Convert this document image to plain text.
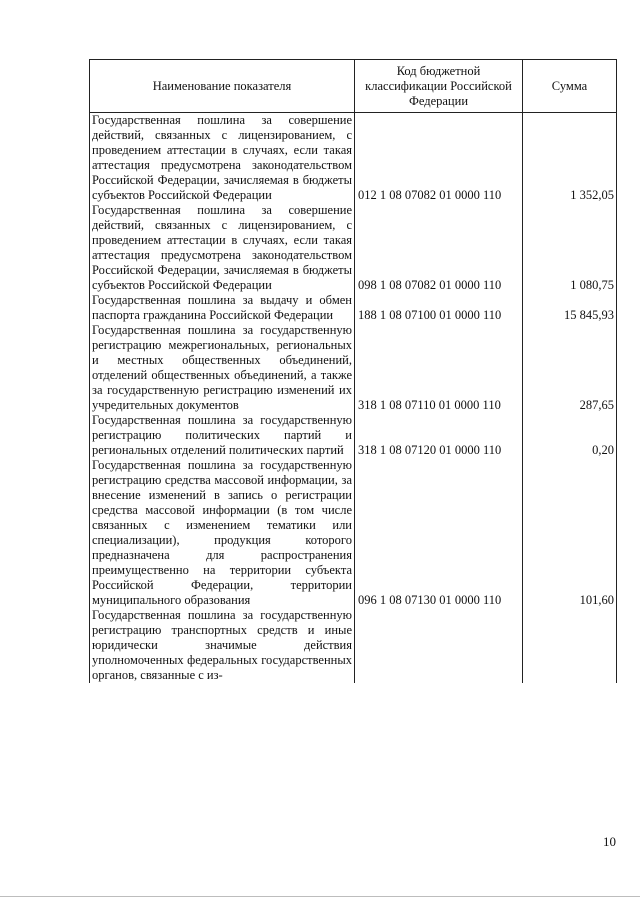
Наименование показателя	Код бюджетной классификации Российской Федерации	Сумма
Государственная пошлина за совершение действий, связанных с лицензированием, с проведением аттестации в случаях, если такая аттестация предусмотрена законодательством Российской Федерации, зачисляемая в бюджеты субъектов Российской Федерации	012 1 08 07082 01 0000 110	1 352,05
Государственная пошлина за совершение действий, связанных с лицензированием, с проведением аттестации в случаях, если такая аттестация предусмотрена законодательством Российской Федерации, зачисляемая в бюджеты субъектов Российской Федерации	098 1 08 07082 01 0000 110	1 080,75
Государственная пошлина за выдачу и обмен паспорта гражданина Российской Федерации	188 1 08 07100 01 0000 110	15 845,93
Государственная пошлина за государственную регистрацию межрегиональных, региональных и местных общественных объединений, отделений общественных объединений, а также за государственную регистрацию изменений их учредительных документов	318 1 08 07110 01 0000 110	287,65
Государственная пошлина за государственную регистрацию политических партий и региональных отделений политических партий	318 1 08 07120 01 0000 110	0,20
Государственная пошлина за государственную регистрацию средства массовой информации, за внесение изменений в запись о регистрации средства массовой информации (в том числе связанных с изменением тематики или специализации), продукция которого предназначена для распространения преимущественно на территории субъекта Российской Федерации, территории муниципального образования	096 1 08 07130 01 0000 110	101,60
Государственная пошлина за государственную регистрацию транспортных средств и иные юридически значимые действия уполномоченных федеральных государственных органов, связанные с из-		
10
